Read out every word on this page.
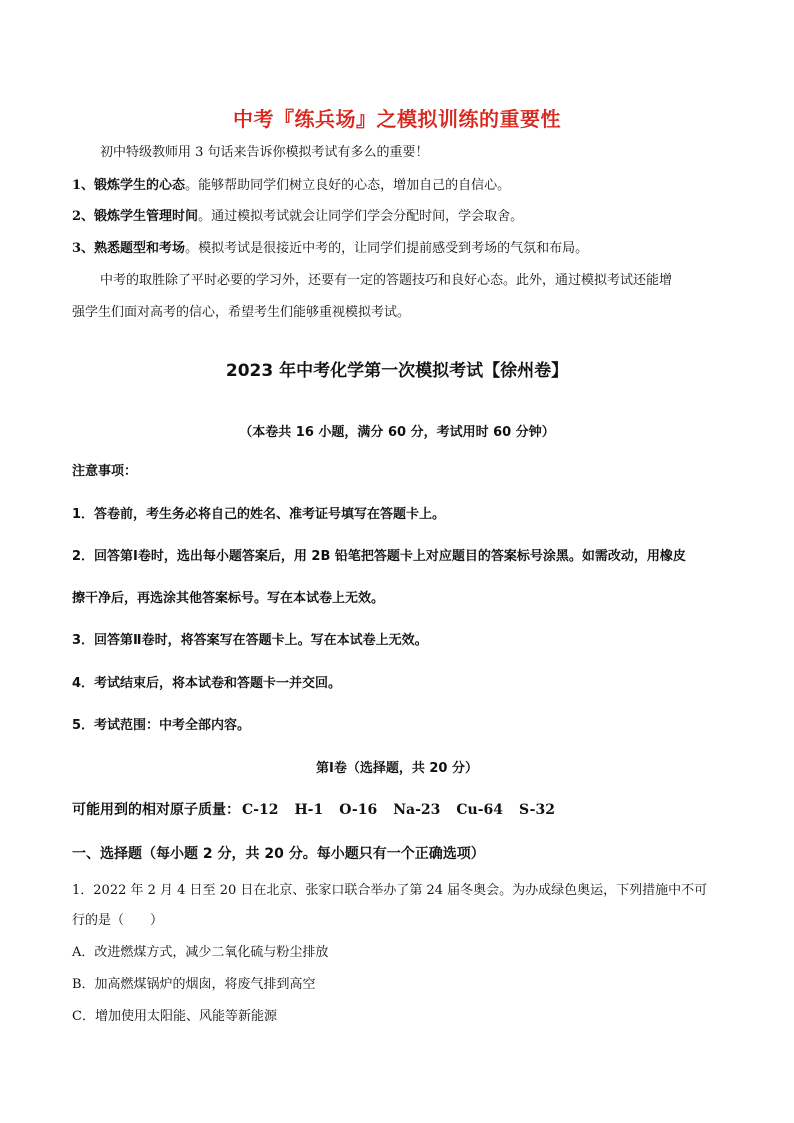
中考『练兵场』之模拟训练的重要性
初中特级教师用 3 句话来告诉你模拟考试有多么的重要！
1、锻炼学生的心态。能够帮助同学们树立良好的心态，增加自己的自信心。
2、锻炼学生管理时间。通过模拟考试就会让同学们学会分配时间，学会取舍。
3、熟悉题型和考场。模拟考试是很接近中考的，让同学们提前感受到考场的气氛和布局。
中考的取胜除了平时必要的学习外，还要有一定的答题技巧和良好心态。此外，通过模拟考试还能增
强学生们面对高考的信心，希望考生们能够重视模拟考试。
2023 年中考化学第一次模拟考试【徐州卷】
（本卷共 16 小题，满分 60 分，考试用时 60 分钟）
注意事项：
1．答卷前，考生务必将自己的姓名、准考证号填写在答题卡上。
2．回答第Ⅰ卷时，选出每小题答案后，用 2B 铅笔把答题卡上对应题目的答案标号涂黑。如需改动，用橡皮
擦干净后，再选涂其他答案标号。写在本试卷上无效。
3．回答第Ⅱ卷时，将答案写在答题卡上。写在本试卷上无效。
4．考试结束后，将本试卷和答题卡一并交回。
5．考试范围：中考全部内容。
第Ⅰ卷（选择题，共 20 分）
可能用到的相对原子质量： C-12 H-1 O-16 Na-23 Cu-64 S-32
一、选择题（每小题 2 分，共 20 分。每小题只有一个正确选项）
1．2022 年 2 月 4 日至 20 日在北京、张家口联合举办了第 24 届冬奥会。为办成绿色奥运，下列措施中不可
行的是（　　）
A．改进燃煤方式，减少二氧化硫与粉尘排放
B．加高燃煤锅炉的烟囱，将废气排到高空
C．增加使用太阳能、风能等新能源
